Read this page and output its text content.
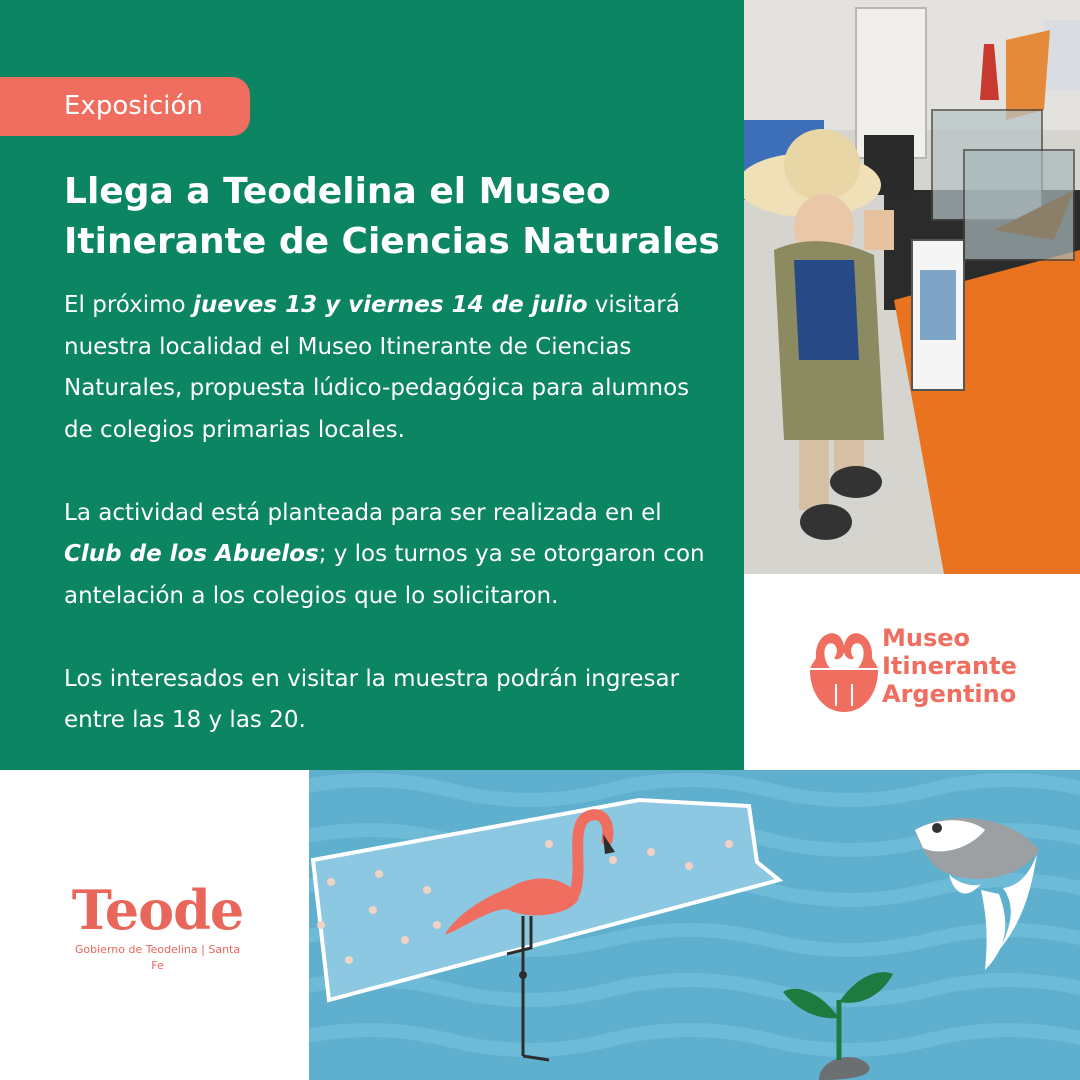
Exposición
Llega a Teodelina el Museo
Itinerante de Ciencias Naturales

El próximo jueves 13 y viernes 14 de julio visitará nuestra localidad el Museo Itinerante de Ciencias Naturales, propuesta lúdico-pedagógica para alumnos de colegios primarias locales.

La actividad está planteada para ser realizada en el Club de los Abuelos; y los turnos ya se otorgaron con antelación a los colegios que lo solicitaron.

Los interesados en visitar la muestra podrán ingresar entre las 18 y las 20.

Museo
Itinerante
Argentino
Teode
Gobierno de Teodelina | Santa Fe
